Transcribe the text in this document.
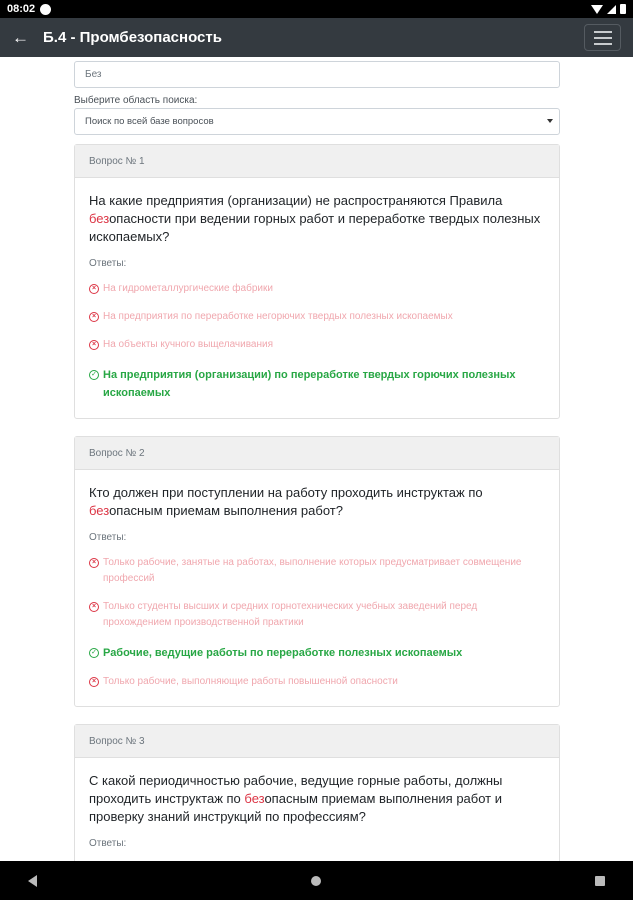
08:02
← Б.4 - Промбезопасность
Без
Выберите область поиска:
Поиск по всей базе вопросов
Вопрос № 1
На какие предприятия (организации) не распространяются Правила безопасности при ведении горных работ и переработке твердых полезных ископаемых?
Ответы:
× На гидрометаллургические фабрики
× На предприятия по переработке негорючих твердых полезных ископаемых
× На объекты кучного выщелачивания
✓ На предприятия (организации) по переработке твердых горючих полезных ископаемых
Вопрос № 2
Кто должен при поступлении на работу проходить инструктаж по безопасным приемам выполнения работ?
Ответы:
× Только рабочие, занятые на работах, выполнение которых предусматривает совмещение профессий
× Только студенты высших и средних горнотехнических учебных заведений перед прохождением производственной практики
✓ Рабочие, ведущие работы по переработке полезных ископаемых
× Только рабочие, выполняющие работы повышенной опасности
Вопрос № 3
С какой периодичностью рабочие, ведущие горные работы, должны проходить инструктаж по безопасным приемам выполнения работ и проверку знаний инструкций по профессиям?
Ответы:
